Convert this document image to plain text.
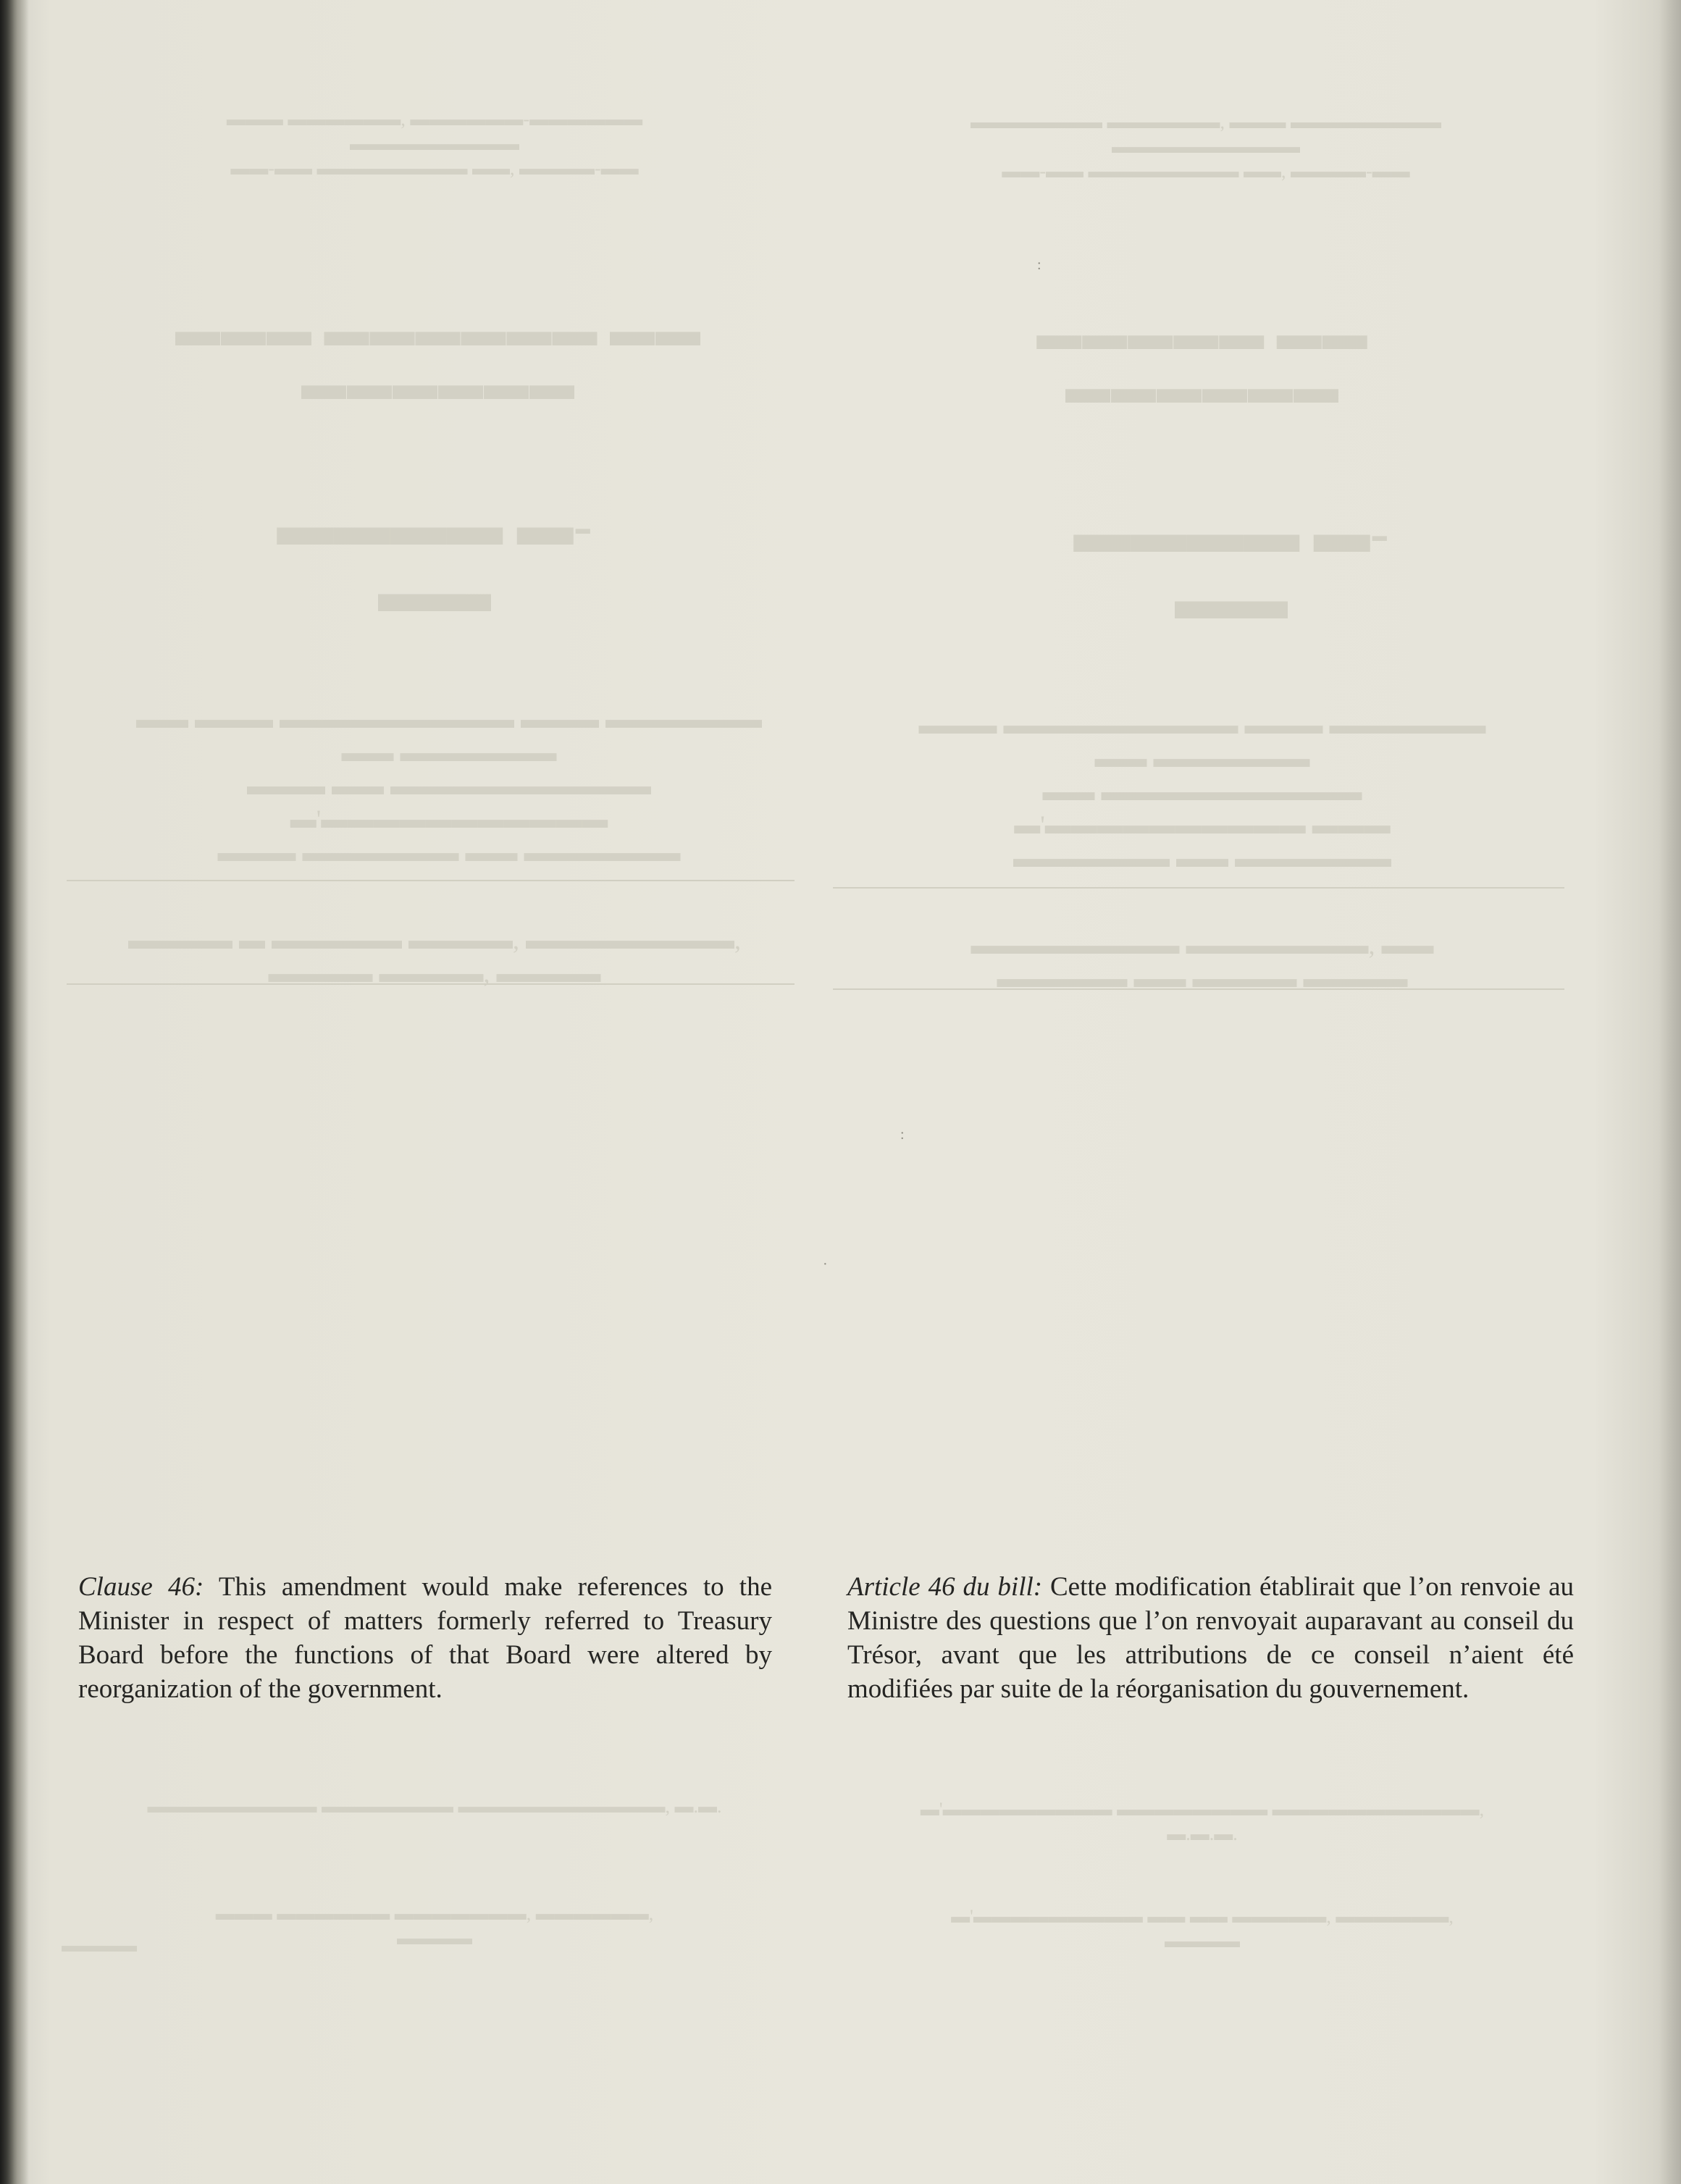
▬▬▬ ▬▬▬▬▬▬, ▬▬▬▬▬▬-▬▬▬▬▬▬ ▬▬▬▬▬▬▬▬▬
▬▬-▬▬ ▬▬▬▬▬▬▬▬ ▬▬, ▬▬▬▬-▬▬
▬▬▬▬▬▬▬ ▬▬▬▬▬▬, ▬▬▬ ▬▬▬▬▬▬▬▬ ▬▬▬▬▬▬▬▬▬▬
▬▬-▬▬ ▬▬▬▬▬▬▬▬ ▬▬, ▬▬▬▬-▬▬
▬▬▬ ▬▬▬▬▬▬ ▬▬ ▬▬▬▬▬▬
▬▬▬▬▬ ▬▬ ▬▬▬▬▬▬
▬▬▬▬ ▬-▬▬
▬▬▬▬ ▬-▬▬
▬▬ ▬▬▬ ▬▬▬▬▬▬▬▬▬ ▬▬▬ ▬▬▬▬▬▬ ▬▬ ▬▬▬▬▬▬
▬▬▬ ▬▬ ▬▬▬▬▬▬▬▬▬▬ ▬'▬▬▬▬▬▬▬▬▬▬▬
▬▬▬ ▬▬▬▬▬▬ ▬▬ ▬▬▬▬▬▬
▬▬▬ ▬▬▬▬▬▬▬▬▬ ▬▬▬ ▬▬▬▬▬▬ ▬▬ ▬▬▬▬▬▬
▬▬ ▬▬▬▬▬▬▬▬▬▬ ▬'▬▬▬▬▬▬▬▬▬▬ ▬▬▬
▬▬▬▬▬▬ ▬▬ ▬▬▬▬▬▬
▬▬▬▬ ▬ ▬▬▬▬▬ ▬▬▬▬, ▬▬▬▬▬▬▬▬, ▬▬▬▬ ▬▬▬▬, ▬▬▬▬
▬▬▬▬▬▬▬▬ ▬▬▬▬▬▬▬, ▬▬ ▬▬▬▬▬ ▬▬ ▬▬▬▬ ▬▬▬▬
▬▬▬▬▬▬▬▬▬ ▬▬▬▬▬▬▬ ▬▬▬▬▬▬▬▬▬▬▬, ▬.▬.	▬'▬▬▬▬▬▬▬▬▬ ▬▬▬▬▬▬▬▬ ▬▬▬▬▬▬▬▬▬▬▬, ▬.▬.▬.
▬▬▬ ▬▬▬▬▬▬ ▬▬▬▬▬▬▬, ▬▬▬▬▬▬, ▬▬▬▬
▬'▬▬▬▬▬▬▬▬▬ ▬▬ ▬▬ ▬▬▬▬▬, ▬▬▬▬▬▬, ▬▬▬▬
▬▬▬▬
:
·
:
Clause 46: This amendment would make references to the Minister in respect of matters formerly referred to Treasury Board before the functions of that Board were altered by reorganization of the government.
Article 46 du bill: Cette modification établirait que l’on renvoie au Ministre des questions que l’on renvoyait auparavant au conseil du Trésor, avant que les attributions de ce conseil n’aient été modifiées par suite de la réorganisation du gouvernement.
